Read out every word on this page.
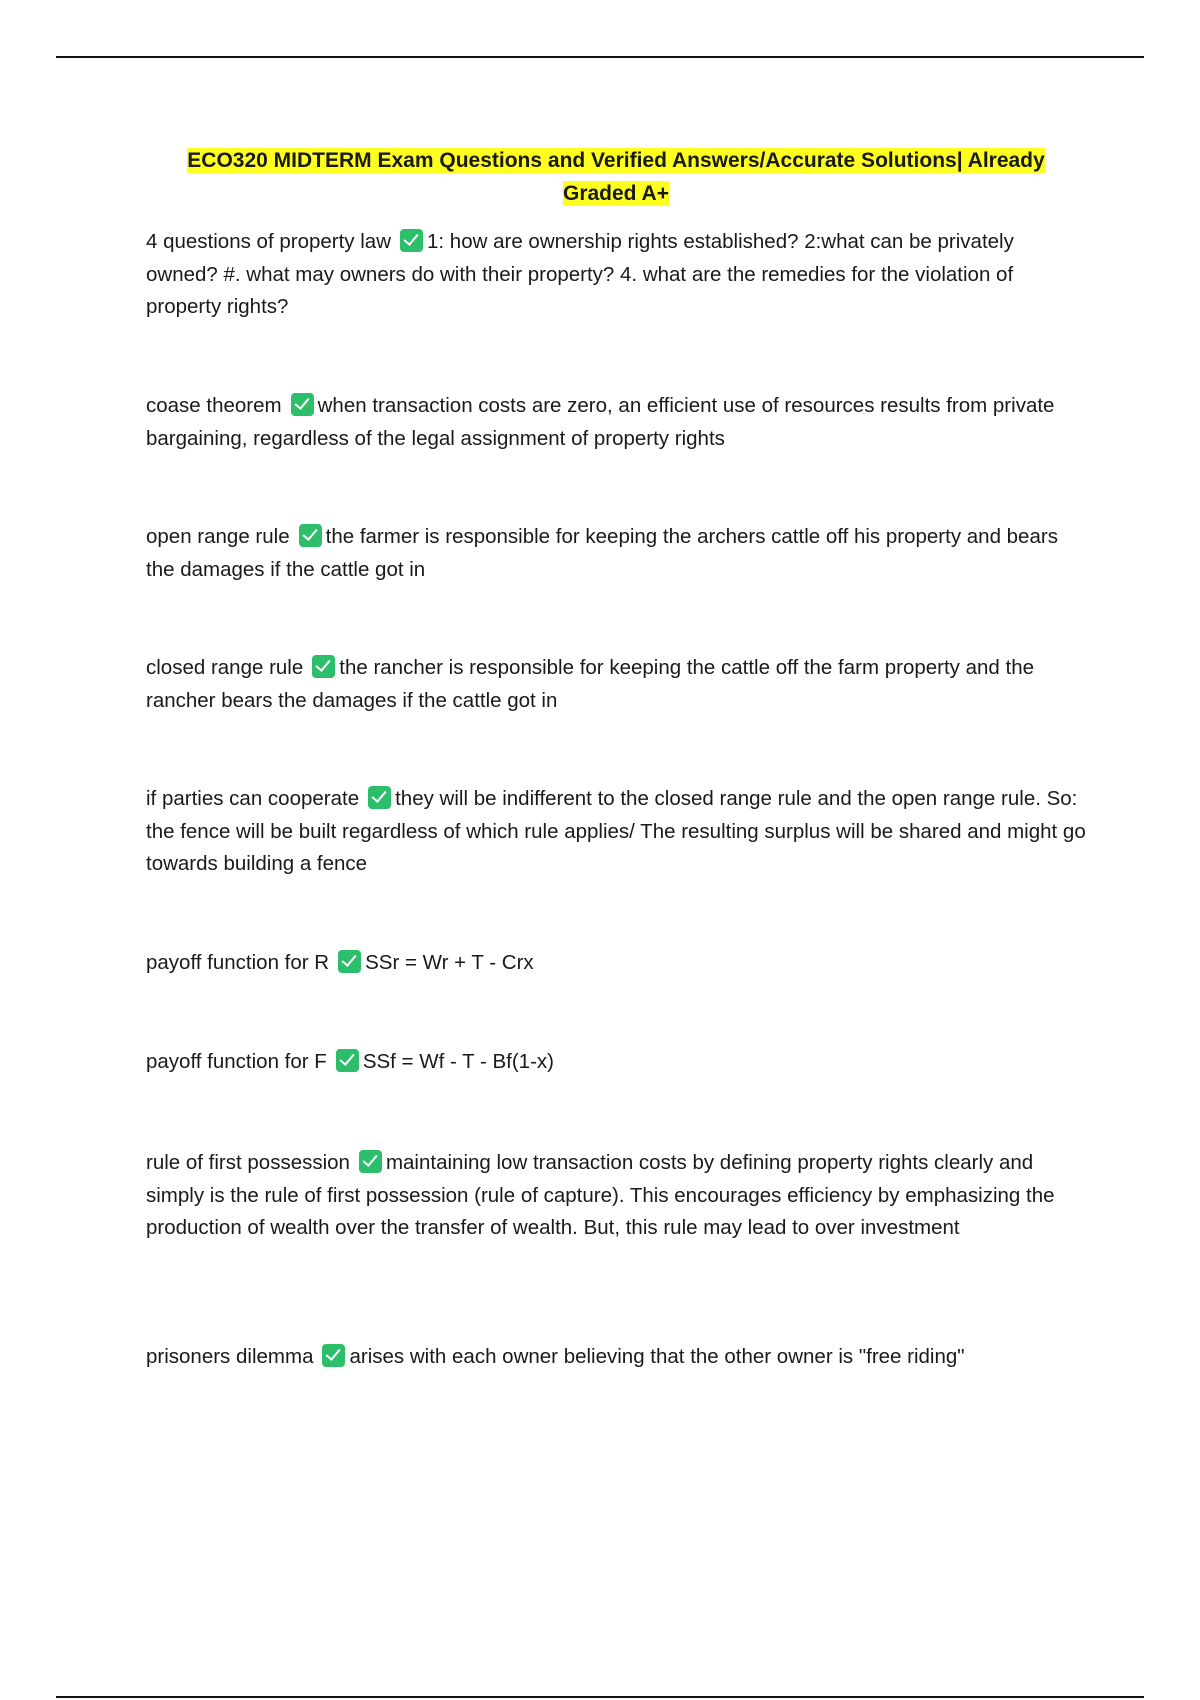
ECO320 MIDTERM Exam Questions and Verified Answers/Accurate Solutions| Already
Graded A+
4 questions of property law 1: how are ownership rights established? 2:what can be privately owned? #. what may owners do with their property? 4. what are the remedies for the violation of property rights?
coase theorem when transaction costs are zero, an efficient use of resources results from private bargaining, regardless of the legal assignment of property rights
open range rule the farmer is responsible for keeping the archers cattle off his property and bears the damages if the cattle got in
closed range rule the rancher is responsible for keeping the cattle off the farm property and the rancher bears the damages if the cattle got in
if parties can cooperate they will be indifferent to the closed range rule and the open range rule. So: the fence will be built regardless of which rule applies/ The resulting surplus will be shared and might go towards building a fence
payoff function for R SSr = Wr + T - Crx
payoff function for F SSf = Wf - T - Bf(1-x)
rule of first possession maintaining low transaction costs by defining property rights clearly and simply is the rule of first possession (rule of capture). This encourages efficiency by emphasizing the production of wealth over the transfer of wealth. But, this rule may lead to over investment
prisoners dilemma arises with each owner believing that the other owner is "free riding"
